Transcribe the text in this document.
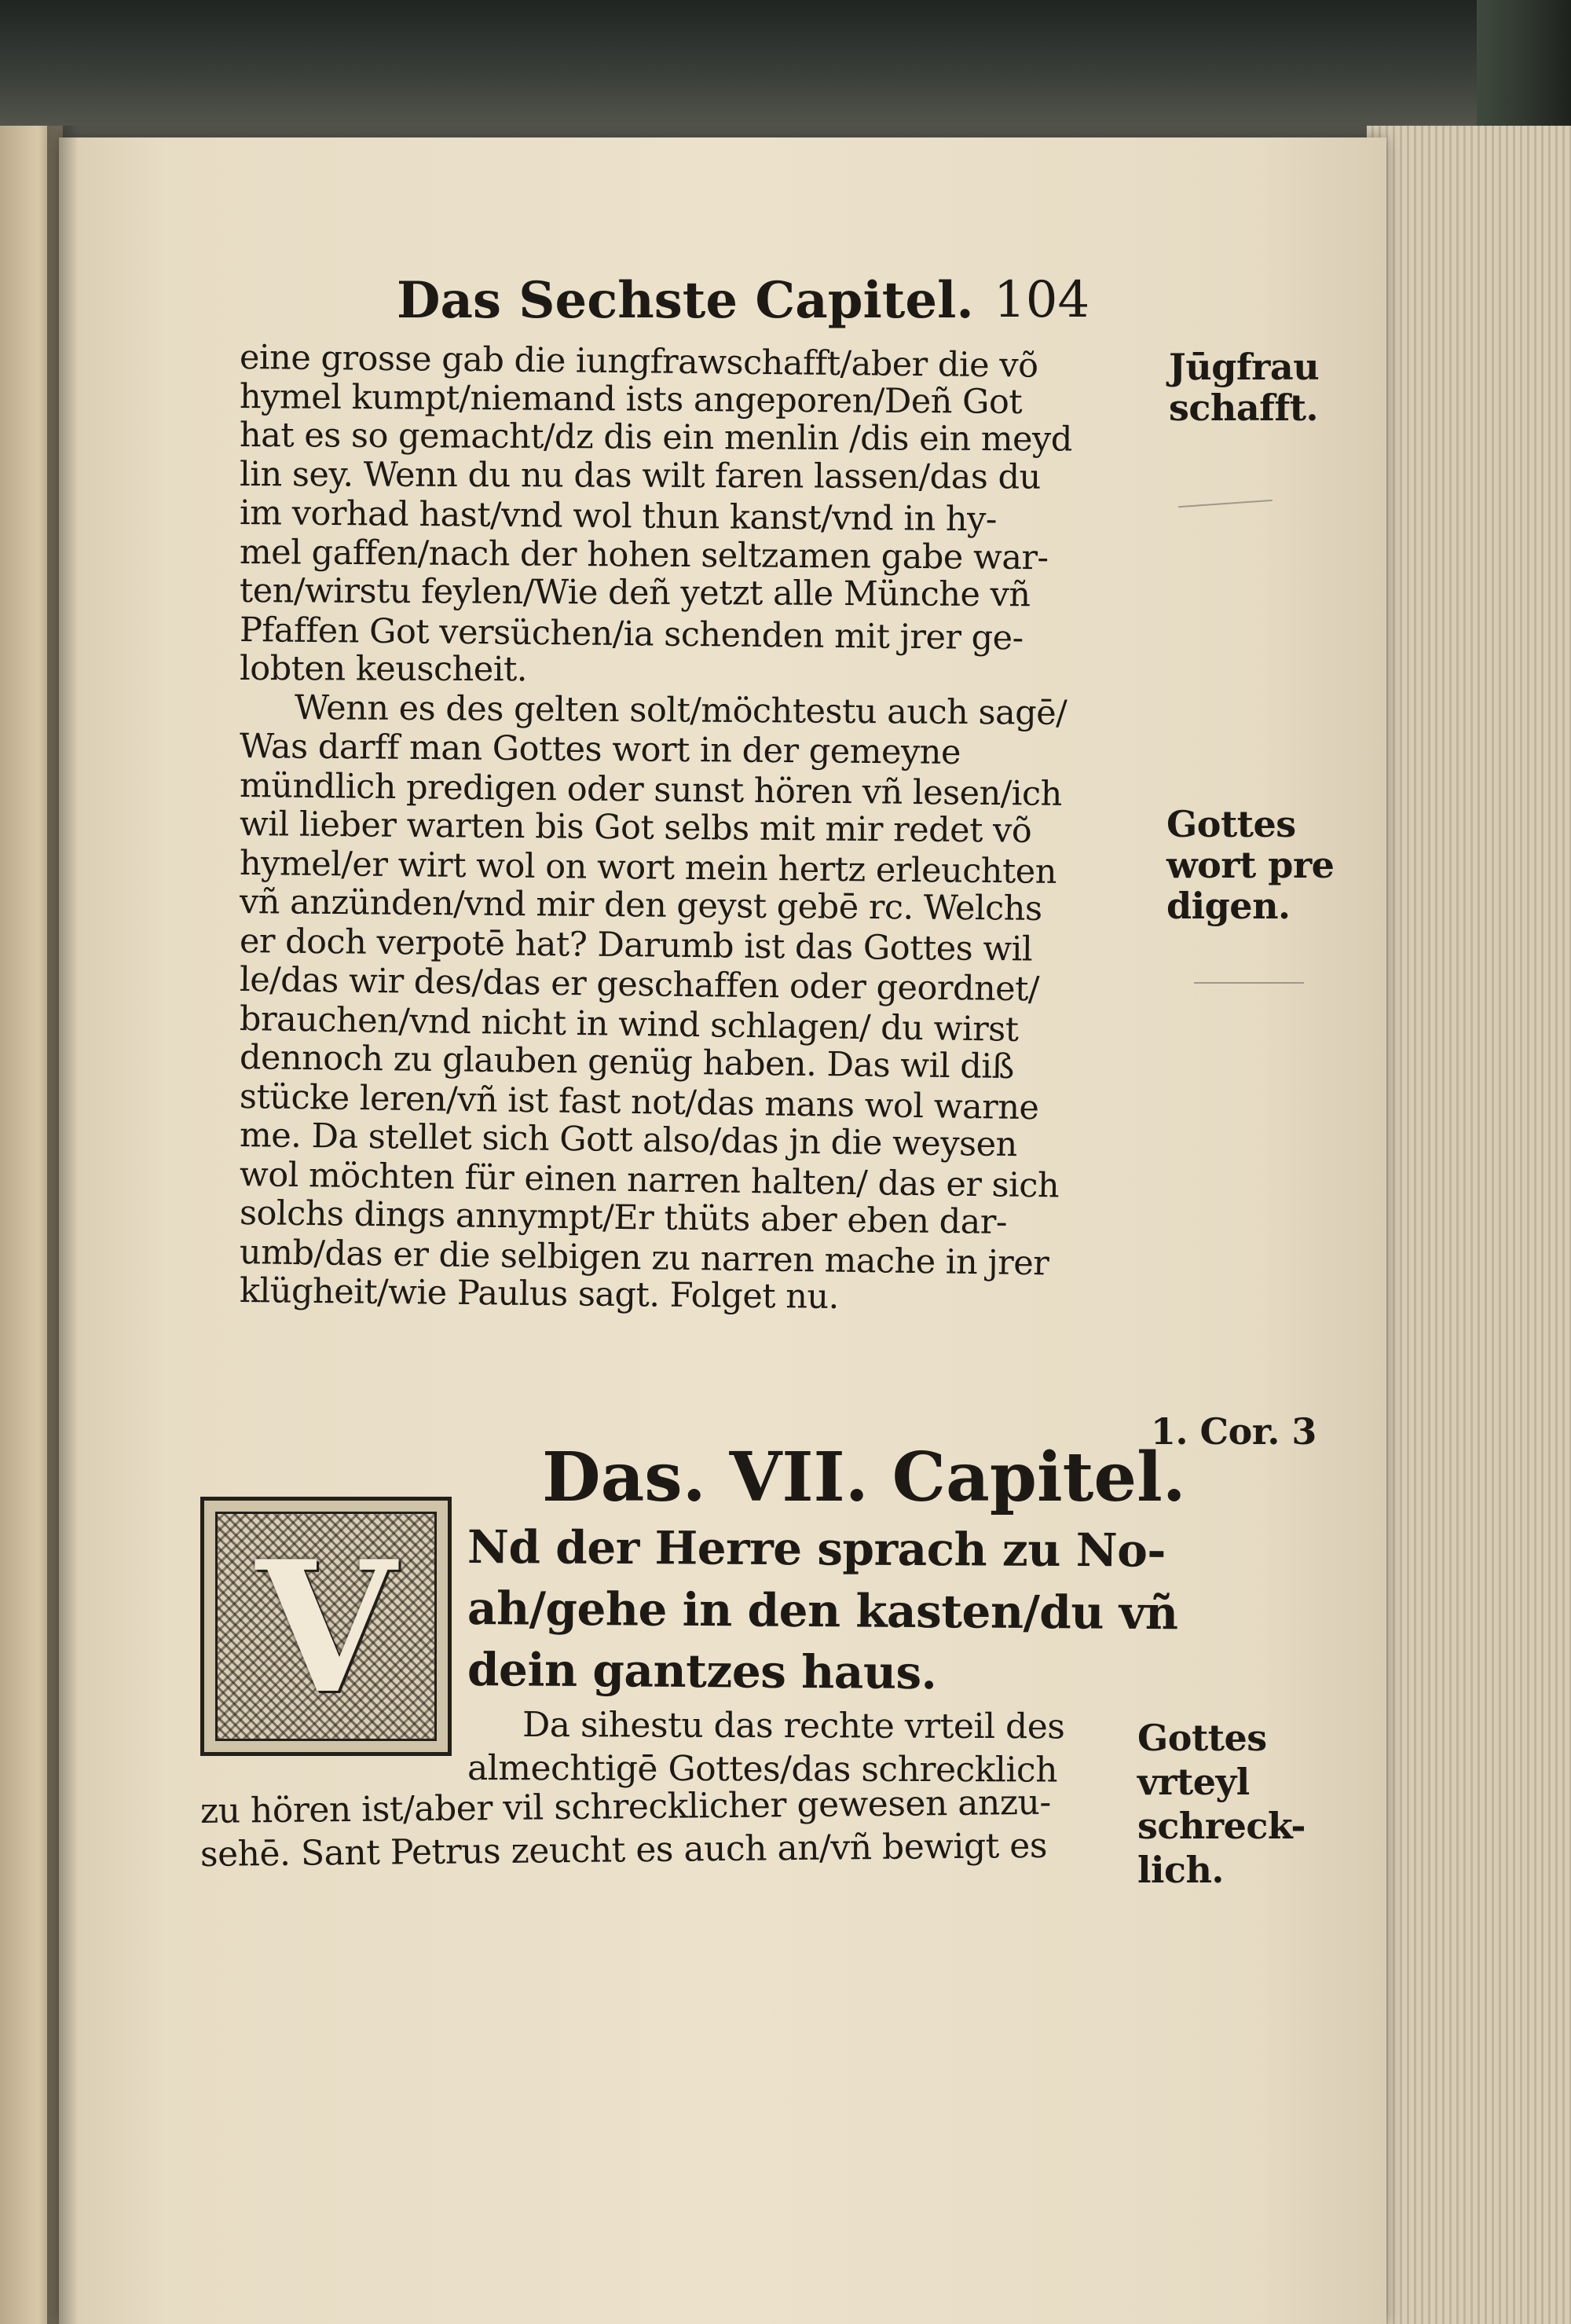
Das Sechste Capitel. 104
eine grosse gab die iungfrawschafft/aber die võ
hymel kumpt/niemand ists angeporen/Deñ Got
hat es so gemacht/dz dis ein menlin /dis ein meyd
lin sey. Wenn du nu das wilt faren lassen/das du
im vorhad hast/vnd wol thun kanst/vnd in hy-
mel gaffen/nach der hohen seltzamen gabe war-
ten/wirstu feylen/Wie deñ yetzt alle Münche vñ
Pfaffen Got versüchen/ia schenden mit jrer ge-
lobten keuscheit.
Wenn es des gelten solt/möchtestu auch sagē/
Was darff man Gottes wort in der gemeyne
mündlich predigen oder sunst hören vñ lesen/ich
wil lieber warten bis Got selbs mit mir redet võ
hymel/er wirt wol on wort mein hertz erleuchten
vñ anzünden/vnd mir den geyst gebē rc. Welchs
er doch verpotē hat? Darumb ist das Gottes wil
le/das wir des/das er geschaffen oder geordnet/
brauchen/vnd nicht in wind schlagen/ du wirst
dennoch zu glauben genüg haben. Das wil diß
stücke leren/vñ ist fast not/das mans wol warne
me. Da stellet sich Gott also/das jn die weysen
wol möchten für einen narren halten/ das er sich
solchs dings annympt/Er thüts aber eben dar-
umb/das er die selbigen zu narren mache in jrer
klügheit/wie Paulus sagt. Folget nu.
Das. VII. Capitel.
V	Nd der Herre sprach zu No-
ah/gehe in den kasten/du vñ
dein gantzes haus.
Da sihestu das rechte vrteil des
almechtigē Gottes/das schrecklich
zu hören ist/aber vil schrecklicher gewesen anzu-
sehē. Sant Petrus zeucht es auch an/vñ bewigt es
Jūgfrau
schafft.
Gottes
wort pre
digen.
1. Cor. 3
Gottes
vrteyl
schreck-
lich.
